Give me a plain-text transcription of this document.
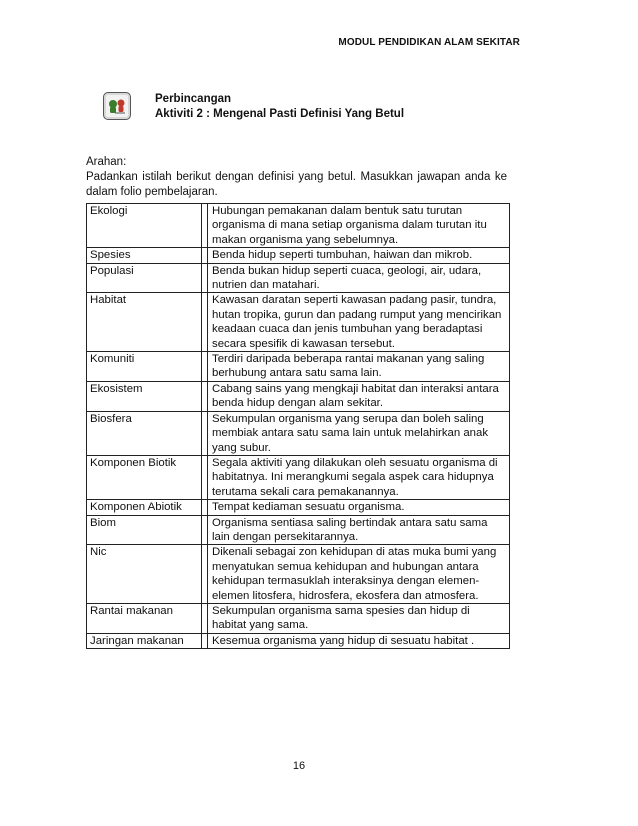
MODUL PENDIDIKAN ALAM SEKITAR
Perbincangan
Aktiviti 2 : Mengenal Pasti Definisi Yang Betul
Arahan:
Padankan istilah berikut dengan definisi yang betul. Masukkan jawapan anda ke dalam folio pembelajaran.
Ekologi		Hubungan pemakanan dalam bentuk satu turutan organisma di mana setiap organisma dalam turutan itu makan organisma yang sebelumnya.
Spesies		Benda hidup seperti tumbuhan, haiwan dan mikrob.
Populasi		Benda bukan hidup seperti cuaca, geologi, air, udara, nutrien dan matahari.
Habitat		Kawasan daratan seperti kawasan padang pasir, tundra, hutan tropika, gurun dan padang rumput yang mencirikan keadaan cuaca dan jenis tumbuhan yang beradaptasi secara spesifik di kawasan tersebut.
Komuniti		Terdiri daripada beberapa rantai makanan yang saling berhubung antara satu sama lain.
Ekosistem		Cabang sains yang mengkaji habitat dan interaksi antara benda hidup dengan alam sekitar.
Biosfera		Sekumpulan organisma yang serupa dan boleh saling membiak antara satu sama lain untuk melahirkan anak yang subur.
Komponen Biotik		Segala aktiviti yang dilakukan oleh sesuatu organisma di habitatnya. Ini merangkumi segala aspek cara hidupnya terutama sekali cara pemakanannya.
Komponen Abiotik		Tempat kediaman sesuatu organisma.
Biom		Organisma sentiasa saling bertindak antara satu sama lain dengan persekitarannya.
Nic		Dikenali sebagai zon kehidupan di atas muka bumi yang menyatukan semua kehidupan and hubungan antara kehidupan termasuklah interaksinya dengan elemen-elemen litosfera, hidrosfera, ekosfera dan atmosfera.
Rantai makanan		Sekumpulan organisma sama spesies dan hidup di habitat yang sama.
Jaringan makanan		Kesemua organisma yang hidup di sesuatu habitat .
16
